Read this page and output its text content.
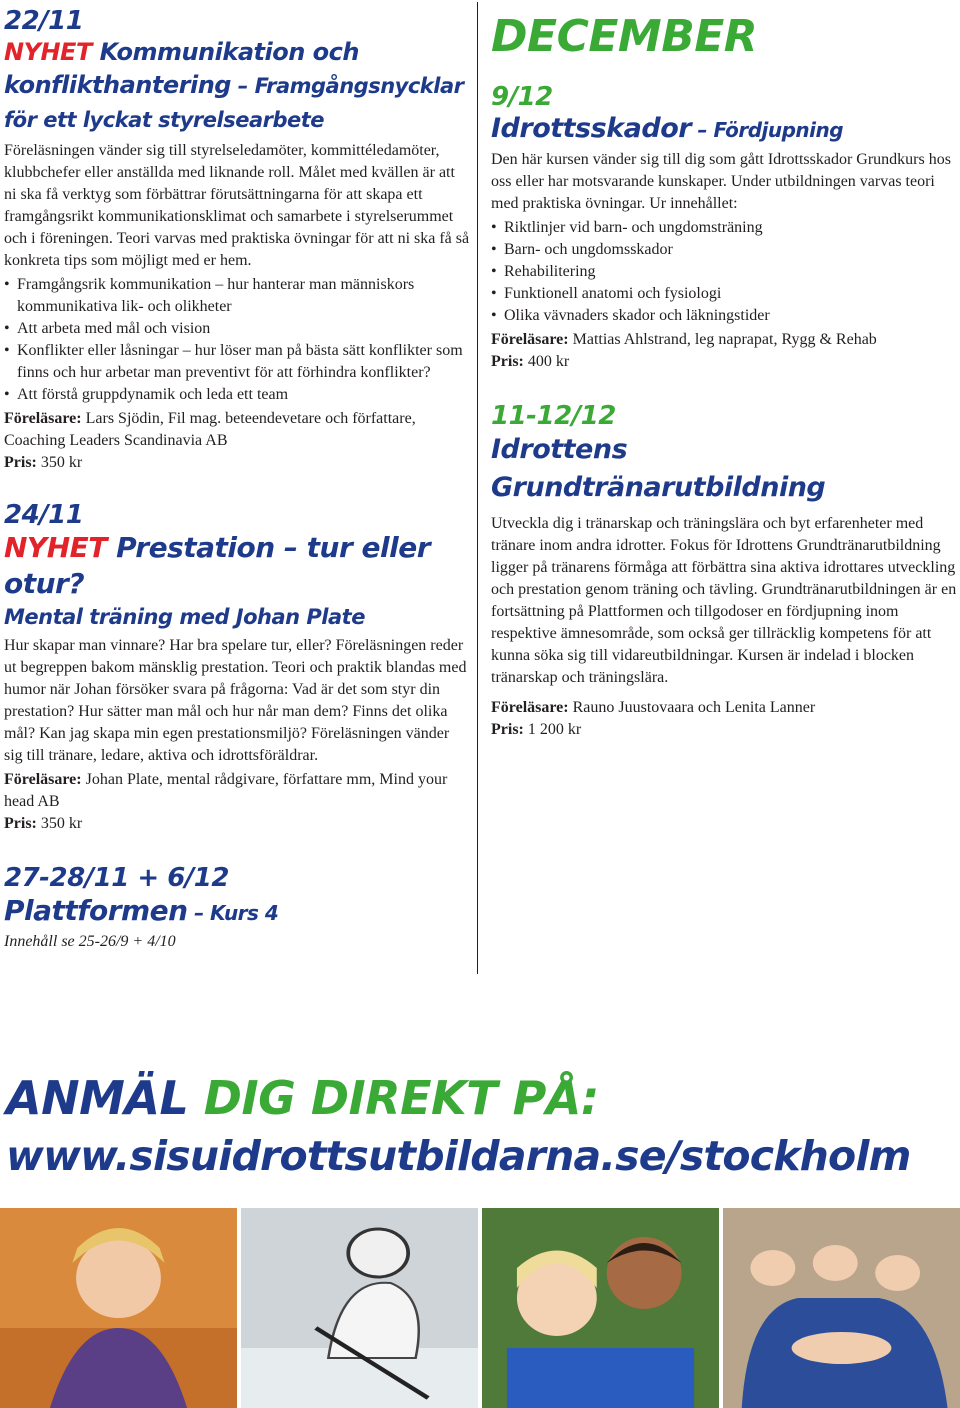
22/11
NYHET Kommunikation och konflikthantering – Framgångsnycklar för ett lyckat styrelsearbete

Föreläsningen vänder sig till styrelseledamöter, kommittéledamöter, klubbchefer eller anställda med liknande roll. Målet med kvällen är att ni ska få verktyg som förbättrar förutsättningarna för att skapa ett framgångsrikt kommunikationsklimat och samarbete i styrelserummet och i föreningen. Teori varvas med praktiska övningar för att ni ska få så konkreta tips som möjligt med er hem.

• Framgångsrik kommunikation – hur hanterar man människors kommunikativa lik- och olikheter
• Att arbeta med mål och vision
• Konflikter eller låsningar – hur löser man på bästa sätt konflikter som finns och hur arbetar man preventivt för att förhindra konflikter?
• Att förstå gruppdynamik och leda ett team

Föreläsare: Lars Sjödin, Fil mag. beteendevetare och författare, Coaching Leaders Scandinavia AB

Pris: 350 kr

24/11
NYHET Prestation – tur eller otur?
Mental träning med Johan Plate

Hur skapar man vinnare? Har bra spelare tur, eller? Föreläsningen reder ut begreppen bakom mänsklig prestation. Teori och praktik blandas med humor när Johan försöker svara på frågorna: Vad är det som styr din prestation? Hur sätter man mål och hur når man dem? Finns det olika mål? Kan jag skapa min egen prestationsmiljö? Föreläsningen vänder sig till tränare, ledare, aktiva och idrottsföräldrar.

Föreläsare: Johan Plate, mental rådgivare, författare mm, Mind your head AB

Pris: 350 kr

27-28/11 + 6/12
Plattformen – Kurs 4

Innehåll se 25-26/9 + 4/10

DECEMBER
9/12
Idrottsskador – Fördjupning

Den här kursen vänder sig till dig som gått Idrottsskador Grundkurs hos oss eller har motsvarande kunskaper. Under utbildningen varvas teori med praktiska övningar. Ur innehållet:

• Riktlinjer vid barn- och ungdomsträning
• Barn- och ungdomsskador
• Rehabilitering
• Funktionell anatomi och fysiologi
• Olika vävnaders skador och läkningstider

Föreläsare: Mattias Ahlstrand, leg naprapat, Rygg & Rehab

Pris: 400 kr

11-12/12
Idrottens Grundtränarutbildning

Utveckla dig i tränarskap och träningslära och byt erfarenheter med tränare inom andra idrotter. Fokus för Idrottens Grundtränarutbildning ligger på tränarens förmåga att förbättra sina aktiva idrottares utveckling och prestation genom träning och tävling. Grundtränarutbildningen är en fortsättning på Plattformen och tillgodoser en fördjupning inom respektive ämnesområde, som också ger tillräcklig kompetens för att kunna söka sig till vidareutbildningar. Kursen är indelad i blocken tränarskap och träningslära.

Föreläsare: Rauno Juustovaara och Lenita Lanner

Pris: 1 200 kr

ANMÄL DIG DIREKT PÅ:

www.sisuidrottsutbildarna.se/stockholm
